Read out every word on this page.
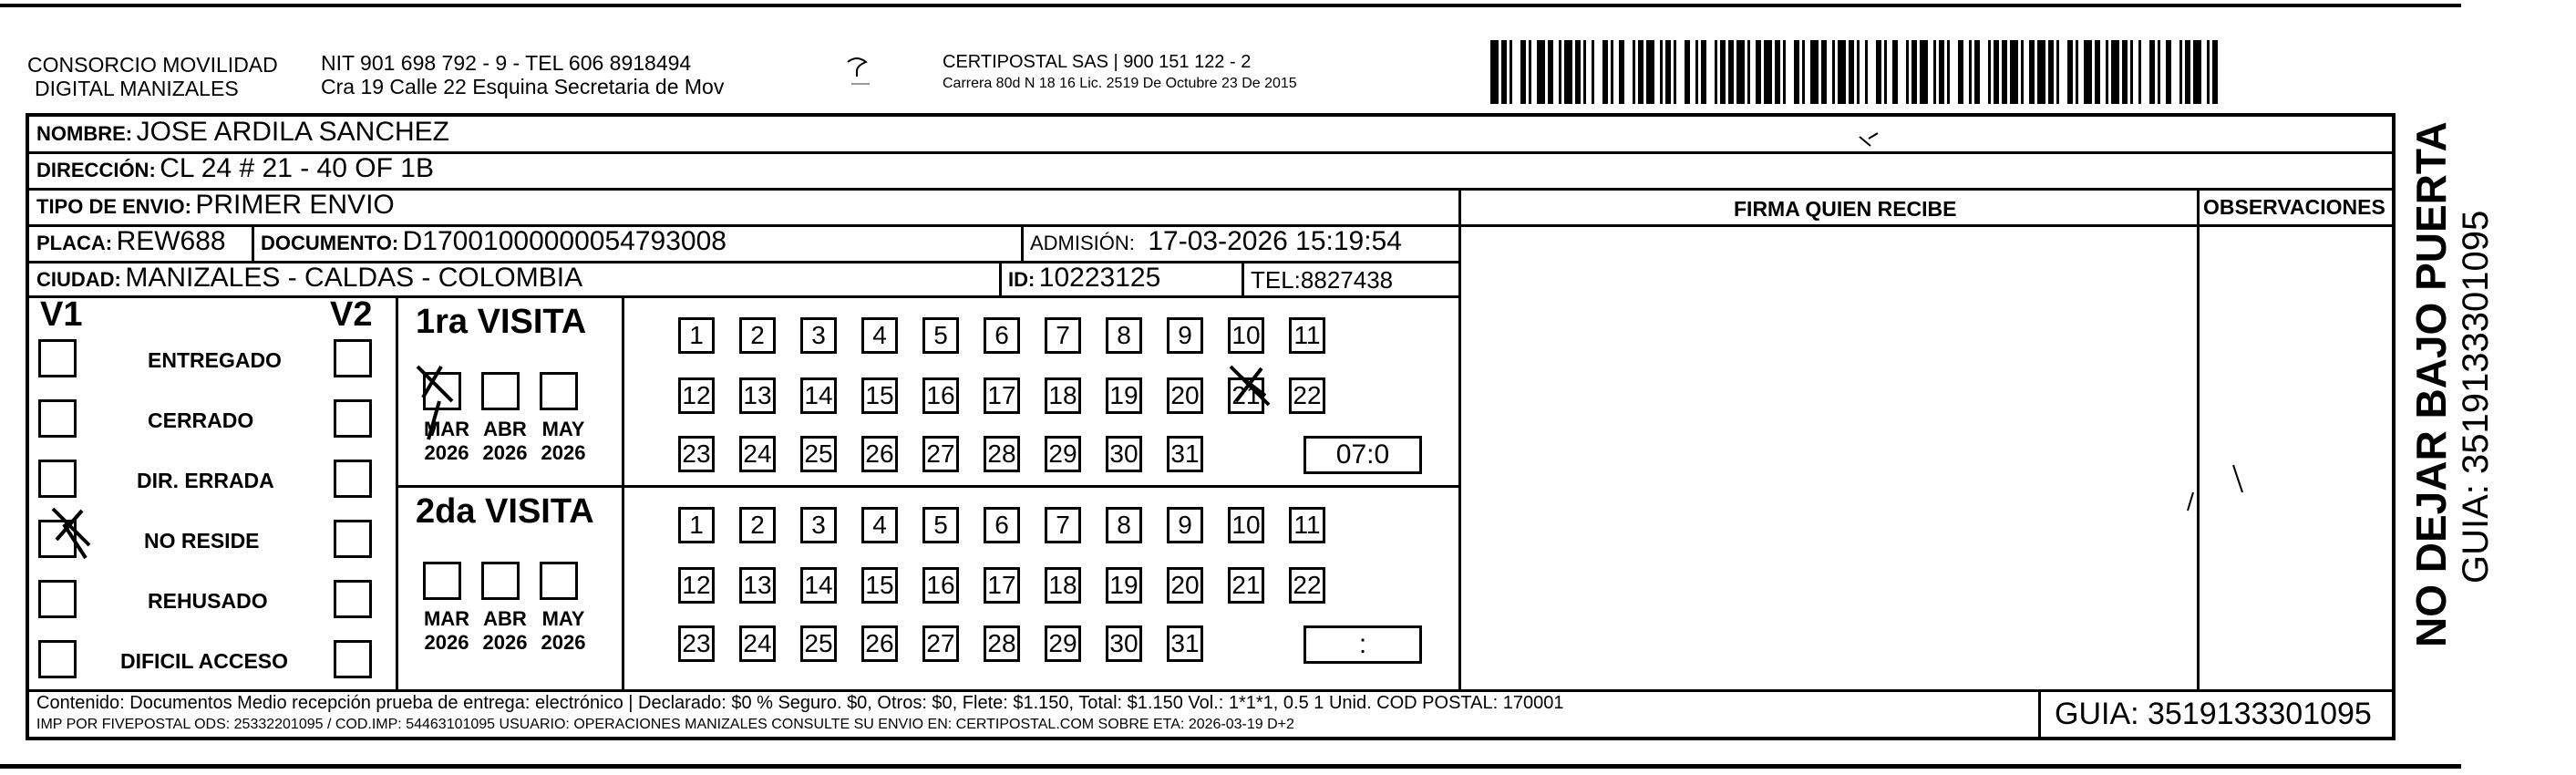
CONSORCIO MOVILIDAD
DIGITAL MANIZALES
NIT 901 698 792 - 9 - TEL 606 8918494
Cra 19 Calle 22 Esquina Secretaria de Mov
CERTIPOSTAL SAS | 900 151 122 - 2
Carrera 80d N 18 16 Lic. 2519 De Octubre 23 De 2015
NOMBRE: JOSE ARDILA SANCHEZ
DIRECCIÓN: CL 24 # 21 - 40 OF 1B
TIPO DE ENVIO: PRIMER ENVIO	FIRMA QUIEN RECIBE	OBSERVACIONES
PLACA: REW688 DOCUMENTO: D17001000000054793008	ADMISIÓN: 17-03-2026 15:19:54
CIUDAD: MANIZALES - CALDAS - COLOMBIA	ID: 10223125	TEL:8827438
V1	V2
ENTREGADO
CERRADO
DIR. ERRADA
NO RESIDE
REHUSADO
DIFICIL ACCESO
1ra VISITA
MAR
2026
ABR
2026
MAY
2026
1	2	3	4	5	6	7	8	9	10 11
12 13 14 15 16 17 18 19 20 21 22
23 24 25 26 27 28 29 30 31	07:0
2da VISITA
MAR
2026
ABR
2026
MAY
2026
1	2	3	4	5	6	7	8	9	10 11
12 13 14 15 16 17 18 19 20 21 22
23 24 25 26 27 28 29 30 31	:
Contenido: Documentos Medio recepción prueba de entrega: electrónico | Declarado: $0 % Seguro. $0, Otros: $0, Flete: $1.150, Total: $1.150 Vol.: 1*1*1, 0.5 1 Unid. COD POSTAL: 170001
IMP POR FIVEPOSTAL ODS: 25332201095 / COD.IMP: 54463101095 USUARIO: OPERACIONES MANIZALES CONSULTE SU ENVIO EN: CERTIPOSTAL.COM SOBRE ETA: 2026-03-19 D+2	GUIA: 3519133301095
NO DEJAR BAJO PUERTA GUIA: 3519133301095
